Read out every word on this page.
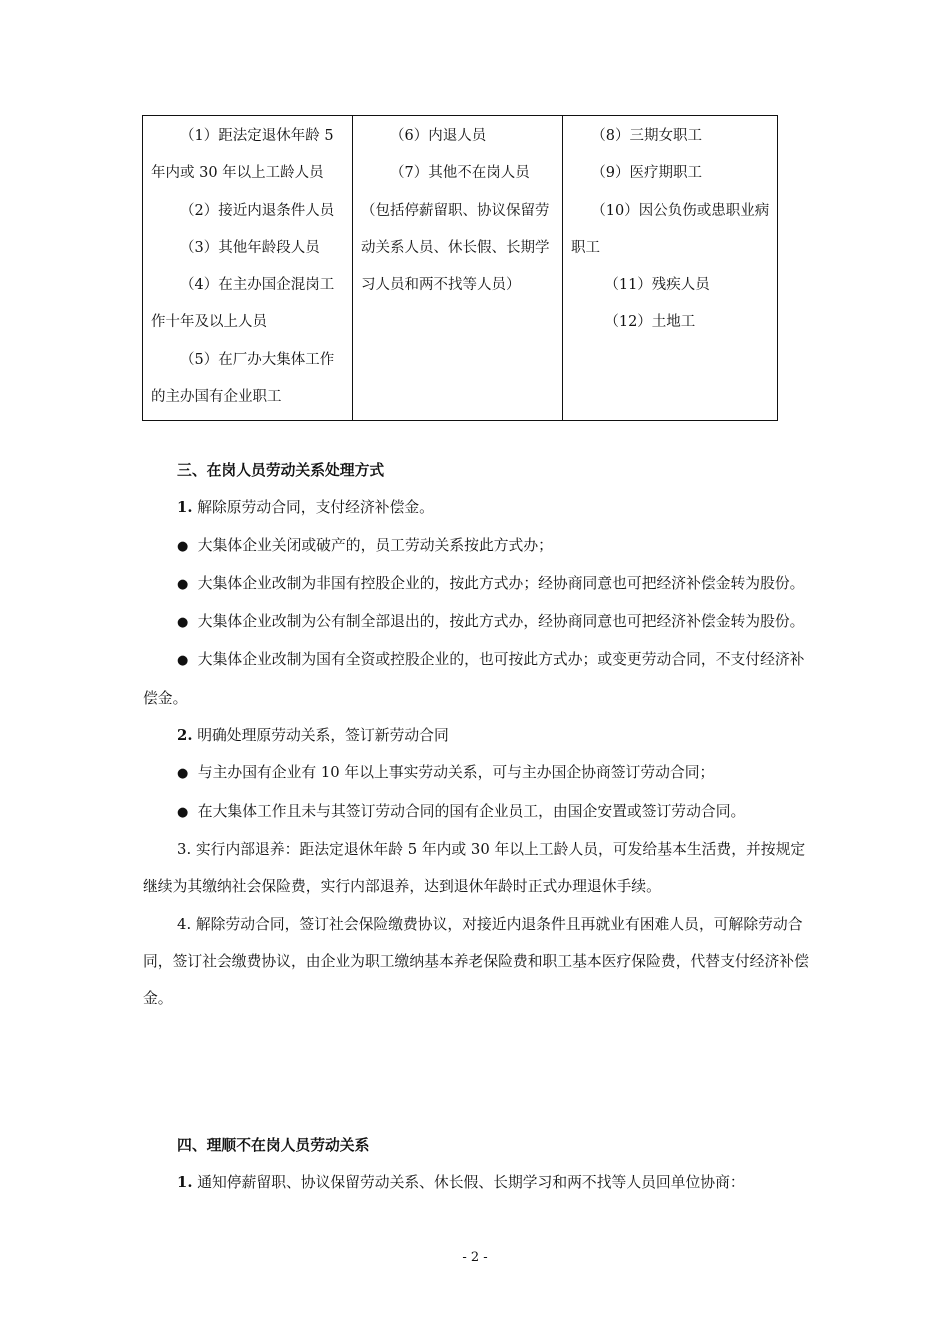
（1）距法定退休年龄 5 年内或 30 年以上工龄人员
（2）接近内退条件人员
（3）其他年龄段人员
（4）在主办国企混岗工作十年及以上人员
（5）在厂办大集体工作的主办国有企业职工

（6）内退人员
（7）其他不在岗人员（包括停薪留职、协议保留劳动关系人员、休长假、长期学习人员和两不找等人员）

（8）三期女职工
（9）医疗期职工
（10）因公负伤或患职业病职工
（11）残疾人员
（12）土地工

三、在岗人员劳动关系处理方式

1. 解除原劳动合同，支付经济补偿金。

● 大集体企业关闭或破产的，员工劳动关系按此方式办；

● 大集体企业改制为非国有控股企业的，按此方式办；经协商同意也可把经济补偿金转为股份。

● 大集体企业改制为公有制全部退出的，按此方式办，经协商同意也可把经济补偿金转为股份。

● 大集体企业改制为国有全资或控股企业的，也可按此方式办；或变更劳动合同，不支付经济补偿金。

2. 明确处理原劳动关系，签订新劳动合同

● 与主办国有企业有 10 年以上事实劳动关系，可与主办国企协商签订劳动合同；

● 在大集体工作且未与其签订劳动合同的国有企业员工，由国企安置或签订劳动合同。

3. 实行内部退养：距法定退休年龄 5 年内或 30 年以上工龄人员，可发给基本生活费，并按规定继续为其缴纳社会保险费，实行内部退养，达到退休年龄时正式办理退休手续。

4. 解除劳动合同，签订社会保险缴费协议，对接近内退条件且再就业有困难人员，可解除劳动合同，签订社会缴费协议，由企业为职工缴纳基本养老保险费和职工基本医疗保险费，代替支付经济补偿金。

四、理顺不在岗人员劳动关系

1. 通知停薪留职、协议保留劳动关系、休长假、长期学习和两不找等人员回单位协商：

- 2 -
